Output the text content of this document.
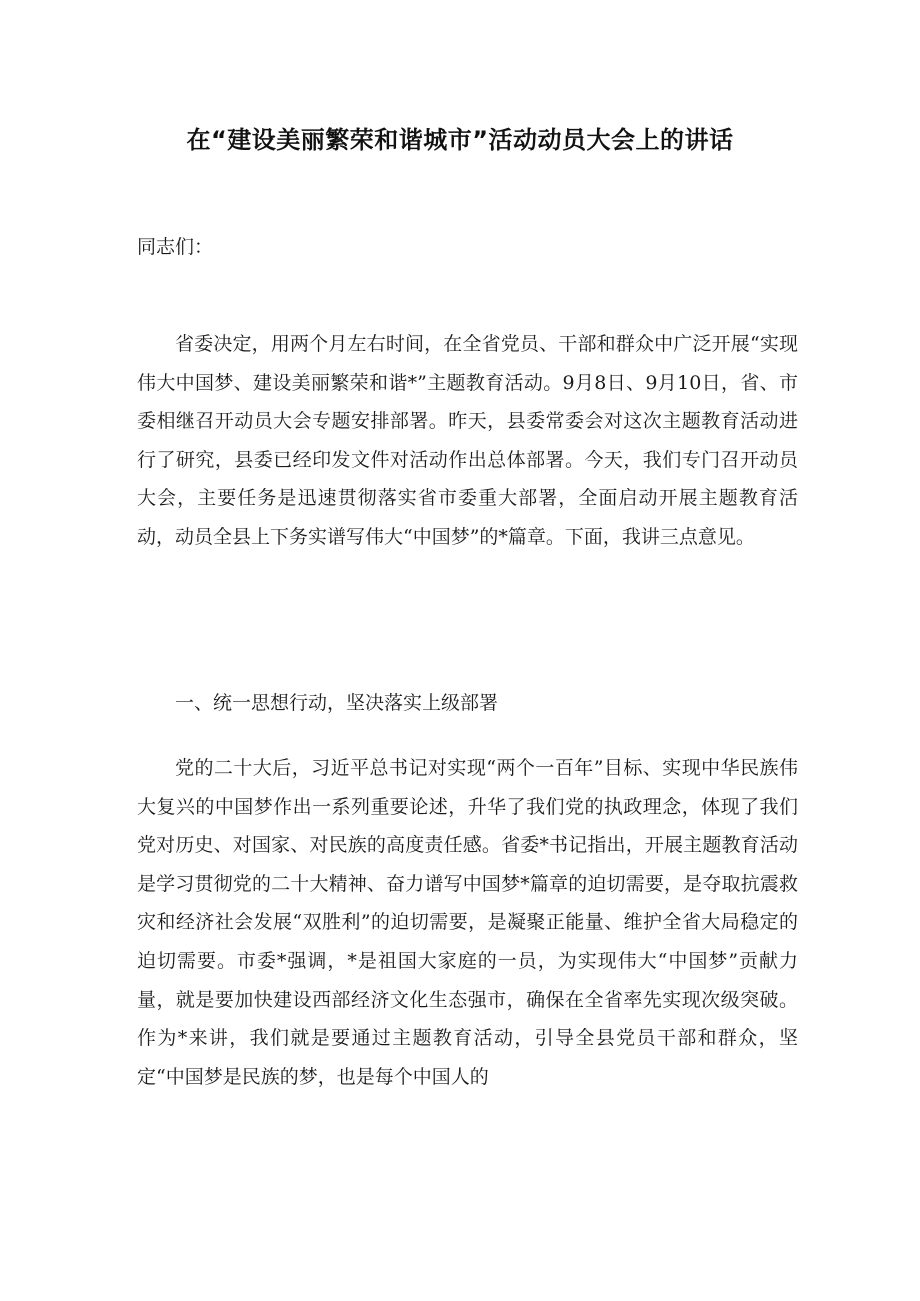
在“建设美丽繁荣和谐城市”活动动员大会上的讲话

同志们：

省委决定，用两个月左右时间，在全省党员、干部和群众中广泛开展“实现伟大中国梦、建设美丽繁荣和谐*”主题教育活动。9月8日、9月10日，省、市委相继召开动员大会专题安排部署。昨天，县委常委会对这次主题教育活动进行了研究，县委已经印发文件对活动作出总体部署。今天，我们专门召开动员大会，主要任务是迅速贯彻落实省市委重大部署，全面启动开展主题教育活动，动员全县上下务实谱写伟大“中国梦”的*篇章。下面，我讲三点意见。

一、统一思想行动，坚决落实上级部署

党的二十大后，习近平总书记对实现“两个一百年”目标、实现中华民族伟大复兴的中国梦作出一系列重要论述，升华了我们党的执政理念，体现了我们党对历史、对国家、对民族的高度责任感。省委*书记指出，开展主题教育活动是学习贯彻党的二十大精神、奋力谱写中国梦*篇章的迫切需要，是夺取抗震救灾和经济社会发展“双胜利”的迫切需要，是凝聚正能量、维护全省大局稳定的迫切需要。市委*强调，*是祖国大家庭的一员，为实现伟大“中国梦”贡献力量，就是要加快建设西部经济文化生态强市，确保在全省率先实现次级突破。作为*来讲，我们就是要通过主题教育活动，引导全县党员干部和群众，坚定“中国梦是民族的梦，也是每个中国人的
